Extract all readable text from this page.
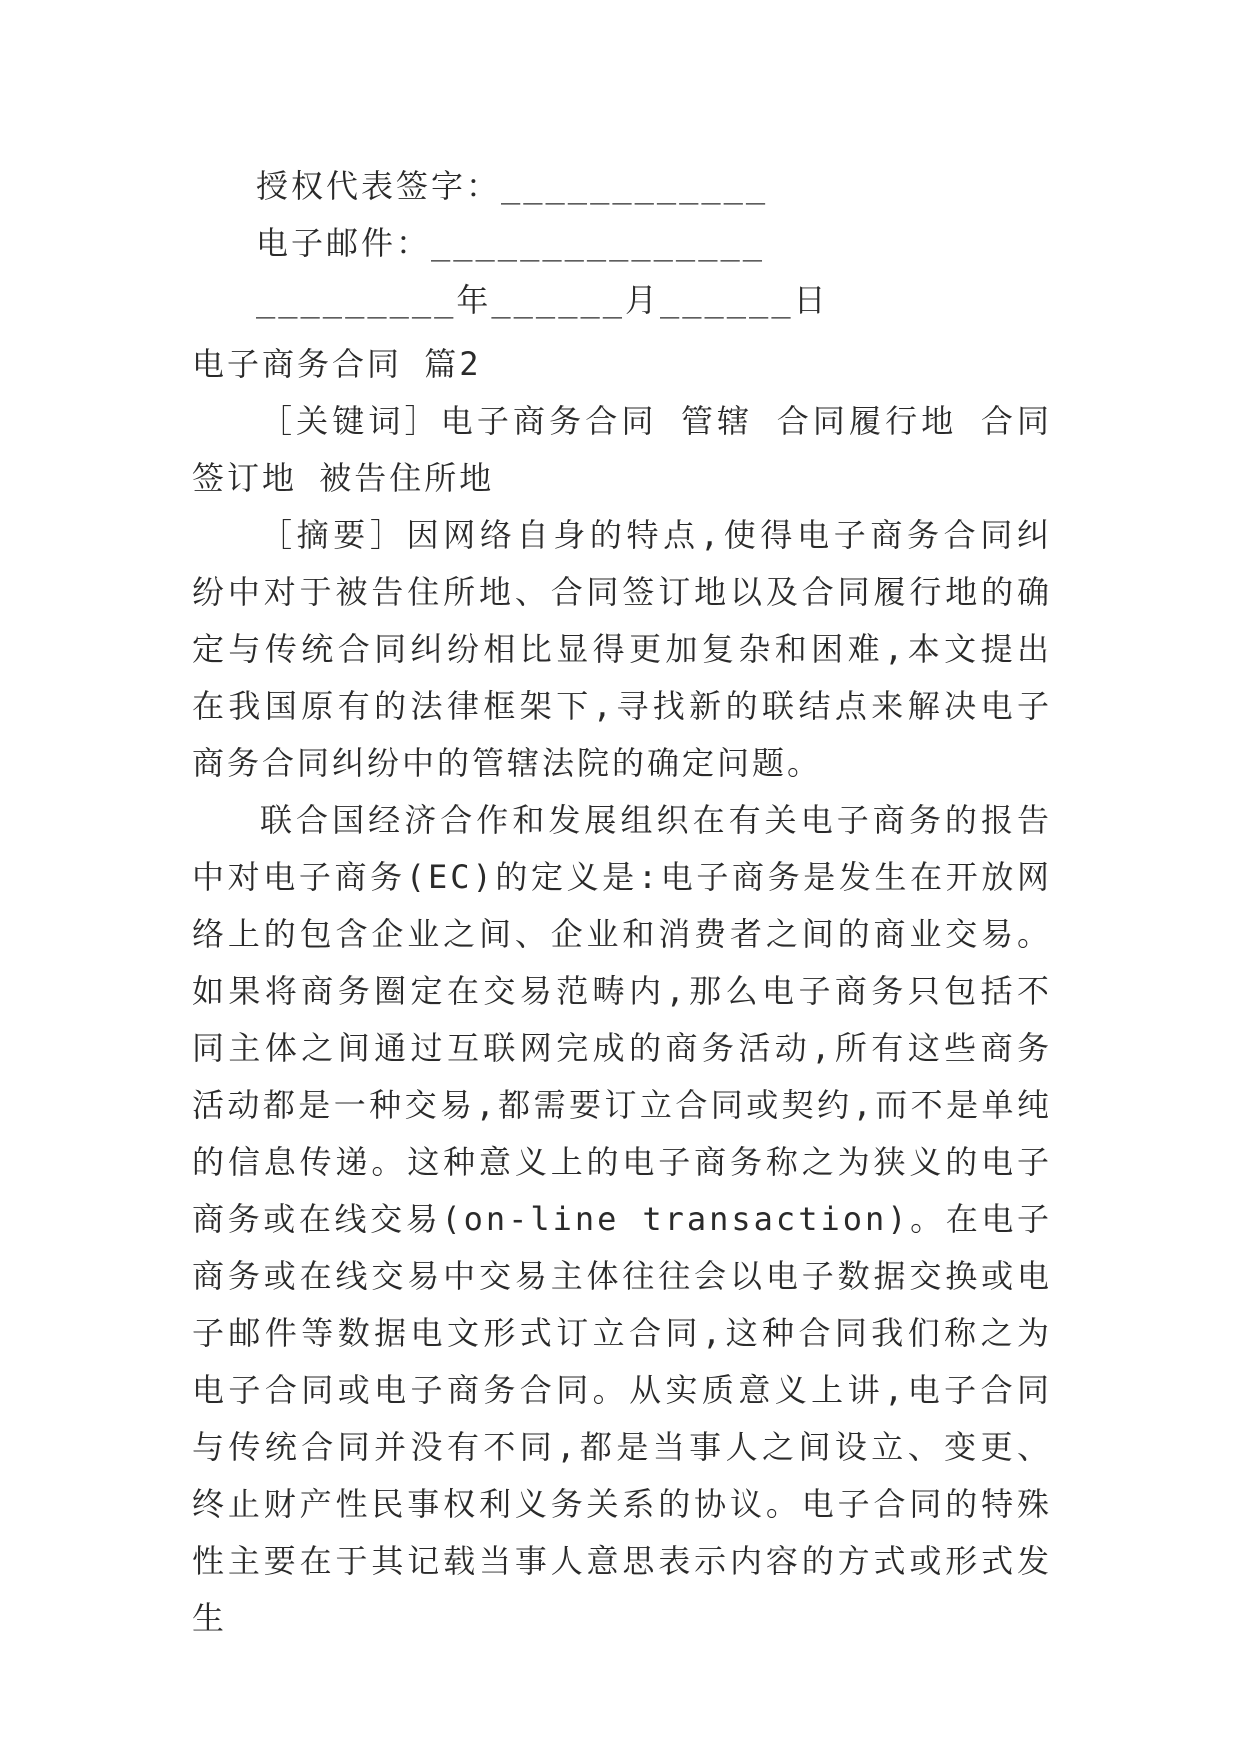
授权代表签字：____________
电子邮件：_______________
_________年______月______日
电子商务合同 篇2

［关键词］电子商务合同 管辖 合同履行地 合同签订地 被告住所地

［摘要］因网络自身的特点,使得电子商务合同纠纷中对于被告住所地、合同签订地以及合同履行地的确定与传统合同纠纷相比显得更加复杂和困难,本文提出在我国原有的法律框架下,寻找新的联结点来解决电子商务合同纠纷中的管辖法院的确定问题。

联合国经济合作和发展组织在有关电子商务的报告中对电子商务(EC)的定义是:电子商务是发生在开放网络上的包含企业之间、企业和消费者之间的商业交易。如果将商务圈定在交易范畴内,那么电子商务只包括不同主体之间通过互联网完成的商务活动,所有这些商务活动都是一种交易,都需要订立合同或契约,而不是单纯的信息传递。这种意义上的电子商务称之为狭义的电子商务或在线交易(on-line transaction)。在电子商务或在线交易中交易主体往往会以电子数据交换或电子邮件等数据电文形式订立合同,这种合同我们称之为电子合同或电子商务合同。从实质意义上讲,电子合同与传统合同并没有不同,都是当事人之间设立、变更、终止财产性民事权利义务关系的协议。电子合同的特殊性主要在于其记载当事人意思表示内容的方式或形式发生
